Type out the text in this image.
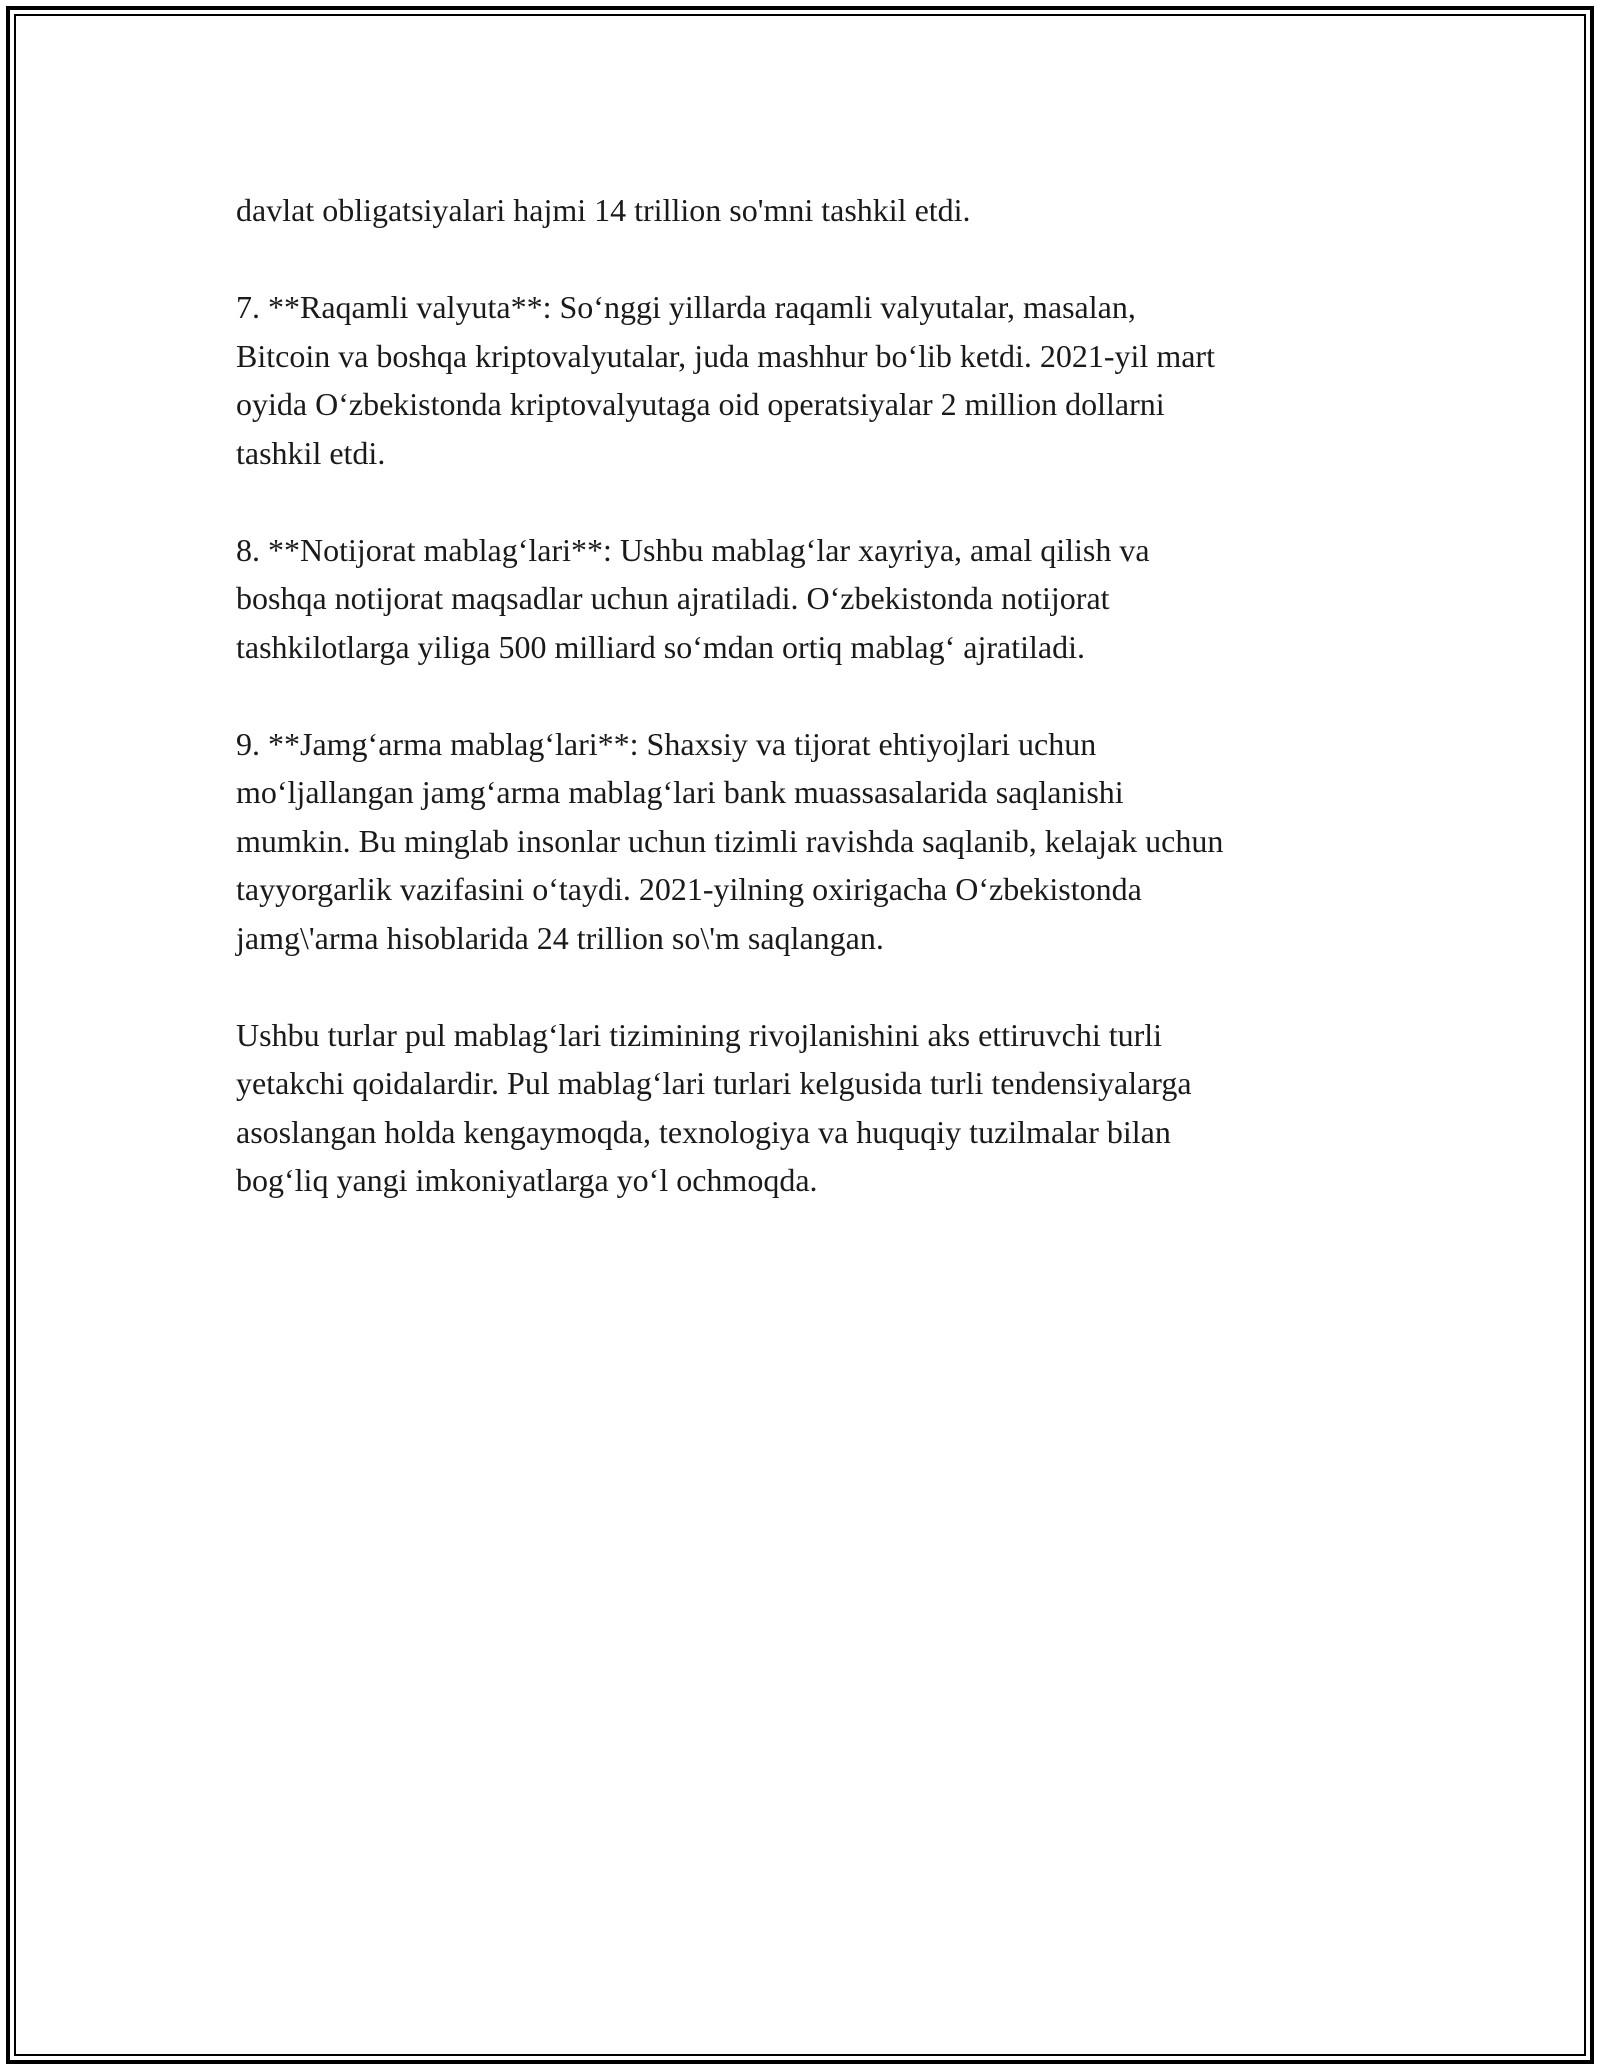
davlat obligatsiyalari hajmi 14 trillion so'mni tashkil etdi.

7. **Raqamli valyuta**: So‘nggi yillarda raqamli valyutalar, masalan,
Bitcoin va boshqa kriptovalyutalar, juda mashhur bo‘lib ketdi. 2021-yil mart
oyida O‘zbekistonda kriptovalyutaga oid operatsiyalar 2 million dollarni
tashkil etdi.

8. **Notijorat mablag‘lari**: Ushbu mablag‘lar xayriya, amal qilish va
boshqa notijorat maqsadlar uchun ajratiladi. O‘zbekistonda notijorat
tashkilotlarga yiliga 500 milliard so‘mdan ortiq mablag‘ ajratiladi.

9. **Jamg‘arma mablag‘lari**: Shaxsiy va tijorat ehtiyojlari uchun
mo‘ljallangan jamg‘arma mablag‘lari bank muassasalarida saqlanishi
mumkin. Bu minglab insonlar uchun tizimli ravishda saqlanib, kelajak uchun
tayyorgarlik vazifasini o‘taydi. 2021-yilning oxirigacha O‘zbekistonda
jamg\'arma hisoblarida 24 trillion so\'m saqlangan.

Ushbu turlar pul mablag‘lari tizimining rivojlanishini aks ettiruvchi turli
yetakchi qoidalardir. Pul mablag‘lari turlari kelgusida turli tendensiyalarga
asoslangan holda kengaymoqda, texnologiya va huquqiy tuzilmalar bilan
bog‘liq yangi imkoniyatlarga yo‘l ochmoqda.
